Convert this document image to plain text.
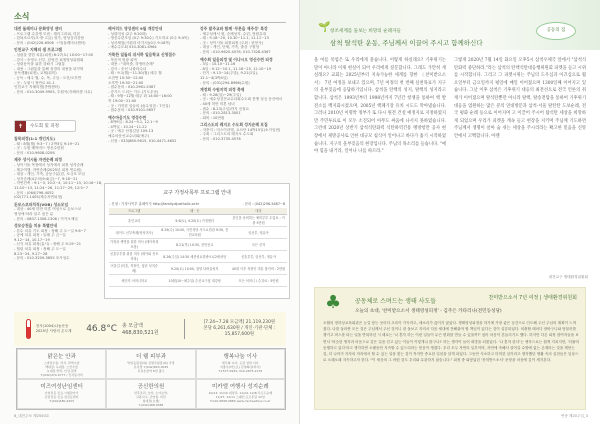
소식
대전 돌레미나 문화영성 센터
- 프로그램 수강생 모집 : 캘리그라피, 미본
- 한복조르자(초·중·고급) 성가, 영성심리상담
- 문의 : (042)226-6506 ㄱ이(돌레미나센터)
인천교구 지혜의 샘 프로그램
- 성령을 향한 치유(피정) 6:27(토) 10:00~17:00
- 강사 : 송영오 신부, 한영진 피정영성위원회
- 성령동독을 위한 강좌시 그림통
- 내용 : 그림통을 통해 성경의 내용을 되꾸며
동독생활(피정), 교제(취미)
- 등독 : 매주 월, 수, 목, 주일 : 오전/오후반
- 곳 : 두원시 정연로 41-1
인천교구 지혜의샘(종합센터)
- 문의 : 010-3049-9905, 우원석(지혜의샘 사무)
베어러드 영성센터 9월 개강안내
- 성령미성 (2주 9:20화)
- 영신수련모임 (0주 9:30수) 기도학교 (0주 9:4목)
- 성서체험(시편과 마가서)(0주 9:18목)
- 예수수도회 010-3081-4964
거룩한 일들의 쉬서하 일음학교 신청접수
- 목음적 영광 피막
- 내용 : "내어줌, 하영어순례"
- 강사 : 송선 나줄라수녀
- 때 : 9.1(월)~11.30(월) 매주 월
오전반 10:30~12:00
오후반 19:30~21:00
- 접수문의 : 010-2961-5367
- 증기드 드리는 기도 (기도우송)
- 때 : 9월~12월 매주 화 14:00~16:00
목 19:00~21:00
- 곳 : 거룩한 일들의 쉬(수성점 : 7인실)
- 접수문의 : 010-9101-9657
예수마음기도 영성수련
- 8박9일 : 8.24~9.1, 12.1~9
- 4박일 : 10.14~11.22
- 곳 : 예주 산청김알 109-13
예수마음선교수녀회(예주)
- 신청 : 033)880-9615, 010-4471-4652
강주 말주교와 함께 '무른을 제주성' 특강
- 제주성에서 원, 순례성지, 수련, 영원유대
- 때 : 9.18~20, 10.30~11.1, 11.11~13
- 곳 : 성이시돌 피정피정 (주최 : 한봉사)
- 대상 : 개인, 단체, 가족, 출강 구원성
- 문의 : 010-9620-4076, 010-7328-4367
예수회 일음피정 및 이냐시오 영신수련 피정
- 3일 : 10.10~11.16
- 8일 : 9.12~10.1, 11.16~25, 12.10~19
- 단기 : 9.13~14(주말), 9.21(1일),
12.1~4(3박4일)
- 문의 : (031)294-8966(수원)
계정회 수원지역 피정 축제
- 때 : 9.28(일)~29(주일)
- 곳 : 예수성심전교수녀회수도회 봉쟁 성심 동산에서
- 40세 미만 미혼 남녀
- 접수 : 8.23(주일)까지 신청요
- 문의 : 010-2813-3001
- 회비 : 10만원
그리스도의 레지오 수도회 성지순례 모집
- 지중지 : 미스이라엘, 요르단 14박15일(소가일빈)
- 주최 : 그리스도의 레지오 수도회
- 문의 : 010-3735-4576
✝	수도회 및 피정
교구 가정사목부 프로그램 안내
- 신청 : 가정사목부 홈페이지 http://family.djcatholic.or.kr	- 문의 : (042)256-5487~8
프로그램	때 · 곳	대상
혼인교리	9.6(토), 9.20(토) 가정센터	혼인을 준비하는 예비부부 수업료 : 커플 5만원
데이트 신부축제(영성미사)	8.29(수) 10:00, 국민성당 사도요한관 9:30, 전민교육원	임산부, 영유아
가정과 생명을 위한 미사 (태아축복 포함)	8.21(목) 10:30, 전민선교	모든 신자
신혼부부를 위한 미사 (태아와 산모축복)	8.26(주일) 14:30 세종성요한바오로2세성당	신혼부부, 임산부, 영유아
어울길 (미혼, 직장인, 청년 성지순례)	9.20(토) 10:00, 청양 다락골성지	40대 이후 직장인 미혼 참가비 : 2만원
체인지 어머니학교	10월(10~매주일) 수산교구청 대강당	모든 어머니 / 수강료 : 5만원
천사(1004)나눔운동
2025년 사랑의 온도계	46.8°C 총 모금액 468,830,521원
[7.24~7.28 모금액] 21,119,230원
본당 6,261,630원 / 개인·기관·단체 : 15,857,600원
맑은눈 안과
스마일수술, 라식, 라섹수술
백내장, 녹내장, 노안수술
녹내장·망막, 안검·결막
T.(042)470-9777 / 신사동거리
더 웰 피부과
박일동원장(의) 김병주원장(의) 가경
유성점 T.(042)823-3045
유성온천역 6번 출구
행복나눔 이사
세무화 이사, 포장 일반 이사
이종수(바오로) 김영희(실비아)
T.1577-9934, 010-2875-2176
미즈여성난임센터
난임전문 진료·시험관아기
난임전문 진료 설진료센터
T.(042)480-2255
공신한의원
산후조리, 보약, 소아보약,
교통사고, 금연침, 비만
침대전(요셉)
T.(042)488-9585
미카엘 여행사 성지순례
10/13, 11/10 대성당, 11/24, 12/8 루르드순례
11/27, 12/11 스페인·포르투갈 12일
T.010-9898-0880 www.michaeltour.co.kr
6_대전주보 제2550호
침묵피정(1:1 개인지도)
- 때 : 8월(월) 9:3~7 / 2박3일 9:19~21
- 곳 : 두원 베까비드 영신수련원
- 문의 : 010-9608-0206
제주 성이시돌 자연순례 피정
- 성이시돌 목장에서 성지에서 피정 성지순례
- 제주여행, 자연순례(2025년 피정 연수원)
- 대상 : 개인, 가족, 공동구분(한, 소규모 모임
- 성지순례(4주차)9:4(금)~7, 9:18~21
- 자연건축 : 9:1~3, 10:2~4, 10:11~13, 10:16~18,
11:10~13, 11:24~26, 11:27~29, 12:5~7
- 문의 : (064)796-4052
(02)771-1405(제주자연피정)
돈보스코파치직(VOB) 성소모임
- 대상 : 40세 미만 미혼 여성으로 돈보스코
영성에 따라 살고 싶은 분
- 문의 : 0807-1306-1306 / 카카오채널
성모승천을 치유 특별안내
- 본수 치유 기도 피정 : 정해 주 도~일 9.6~7
- 공예 치유 피정 : 들헤 주 금~일
9.12~14, 10.17~19
- 신식 치유 피정(효시) : 정해 주 9.19~21
- 힐링 치유 피정 : 정해 주 도~일
8.23~24, 9.27~28
- 문의 : 010-3209-3655 포가성수
🌱 창조세계를 돌보는 희망의 순례자들
삼척 탈석탄 운동, 주님께서 이끌어 주시고 함께하신다
공동의 집
올 여름 폭염은 또 우리에게 묻습니다. 어떻게 하실래요? 기후위기는 말이 아니라 이제 현실이 되어 우리에게 질문합니다. 그래도 가만히 계실래요? 교회는 2025년부터 지속가능한 세계를 향한 〈찬미받으소서〉 7년 여정을 보내고 있으며, 7년 여정의 첫 번째 실천목표가 지구의 울부짖음에 응답하기입니다. 삼척을 탄핵의 성지, 탈핵의 성지라고 합니다. 삼척은 1993년부터 1998년까지 7년간 항쟁을 통하여 핵 발전소를 백지화시켰으며, 2005년 핵폐기장 유치 시도도 막아냈습니다. 그러나 2010년 이명박 정부가 또 다시 원전 건설 예정지로 지정하였지만 주민투표로 이 모두 소진되어 아무도 싸움에 나서지 못하였습니다. 그런데 2020년 상반기 삼척석탄화력 석탄하역건용 맹방항만 공사 현장에서 제방공사로 인한 대규모 침식이 일어나고 바다가 흙기 시작하였습니다. 지구의 울부짖음의 현장입니다. 주님의 목소리를 들습니다. "예야 힘을 내거라, 일어나 나를 따르라."
그렇게 2020년 7월 14일 화요일 오후5시 삼척우체국 앞에서 "삼척석탄화력 중단하라."라는 삼척의 탄핵석탄대응행위원회 피켓을 들고 시위를 시작합니다. 그리고 그 피켓시위는 주님의 도우심과 이끄심으로 월요일부터 금요일까지 평일에 매일 이어졌으며 1300일째 이어지고 있습니다. 그날 이후 삼척은 기후위기 대응의 최전선으로 전국 언론의 취재가 이어졌으며 탈석탄뿐만 아니라 탈핵, 탈송전탑을 통하여 기후위기 대응을 염원하는 많은 분의 연대방문과 삼척-서울 탈탄탄 도보순례, 전국 평화 순례 등으로 이어지며 고 이끌어 주시어 탐석탄 세상을 희망하게 되었으며 우리가 피켓을 계속 들고 현장을 지키며 주님께 기도하면 주님께서 생명이 살아 숨 쉬는 세상을 주시리라는 확고한 믿음을 신앙 안에서 고백합니다. 아멘
대전교구 생태환경위원회
♣	찬미받으소서 7년 여정 | 생태환경위원회
공동체로 스며드는 생태 사도들
오늘의 초대, '찬미받으소서 생태영성피정' - 김주은 카타리나(전민동성당)
오월의 정하상교육회관은 눈길 닿는 곳마다 초록이 가득하고, 새소리가 끊이지 않았다. 생태영성피정을 하기에 가장 좋은 공간으로 인도해 주신 주님의 계획이 느껴졌다. 나를 둘러싼 모든 것은 주님께서 주신 것이니 잘 돌보고 지켜서 다음 세대에 전해줘야 할 책임이 있다는 것이 실감되었다. 외출할 때마다 장바구니와 텀블러를 챙기고 버스를 타는 일을 반복하던 시 때로는 '나 혼자 하는 이런 일들이 무슨 변화를 만들 수 있을까?' 싶어 마음이 흔들리기도 했다. 하지만 다른 피정 참여자들을 보면서 '비슷한 생각과 마음으로 같은 길을 걷고 있는 이들이 이렇게나 많구나!' 하는 생각이 들어 희망을 되찾았다. '나 혼자 한다'는 생각으로는 쉽게 지치지만, '더불어 동행하고 있다'라고 생각하면 오랫동안 지속할 수 있으리라는 믿음이 생겼다. 우리 모두 자연의 일부이며, 자연에 속해서 살아갈 수밖에 없는 존재라는 것을 깨닫는 것, 더 나아가 각자의 자리에서 할 수 있는 일을 찾는 것이 작지만 중요한 일임을 알게 되었다. 그동안 사소하고 미미한 일이라고 생각했던 생활 속의 실천들은 일상으로 오래오래 지속하고자 한다. "이 세상의 그 어떤 것도 우리와 무관하지 않습니다." 피정 중 와닿았던 '찬미받으소서' 문장을 마음에 깊이 새겨본다.
연중 제20주일_3
